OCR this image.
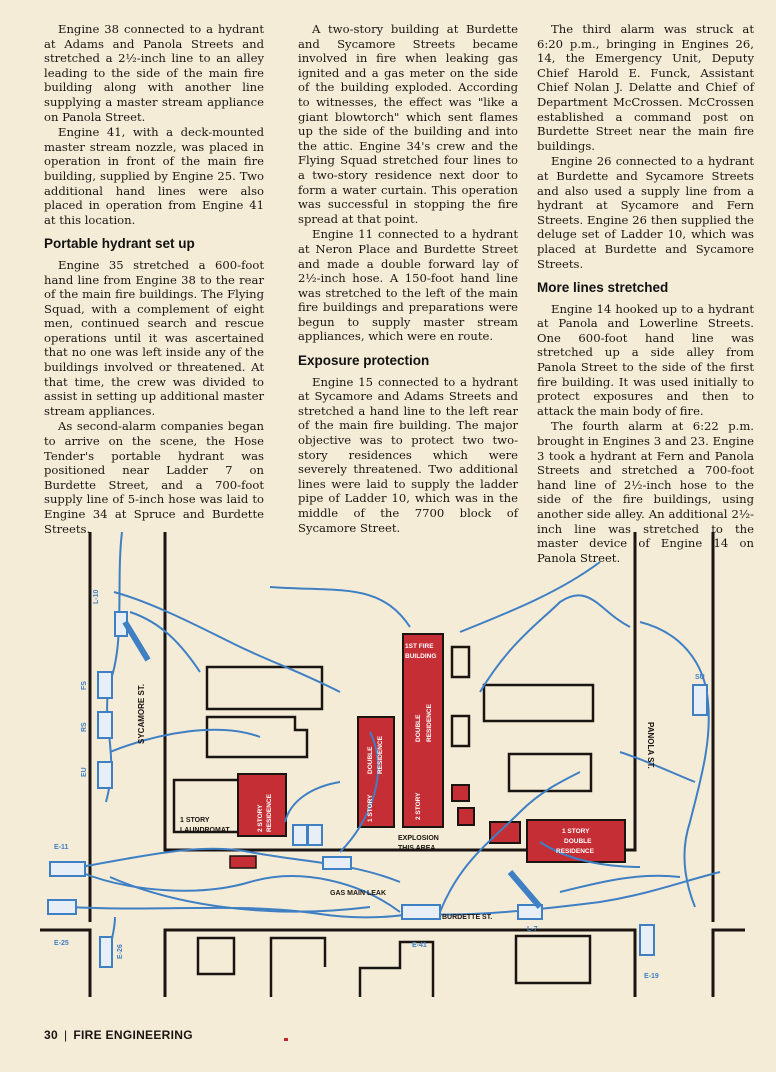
Engine 38 connected to a hydrant at Adams and Panola Streets and stretched a 2½-inch line to an alley leading to the side of the main fire building along with another line supplying a master stream appliance on Panola Street.

Engine 41, with a deck-mounted master stream nozzle, was placed in operation in front of the main fire building, supplied by Engine 25. Two additional hand lines were also placed in operation from Engine 41 at this location.

Portable hydrant set up

Engine 35 stretched a 600-foot hand line from Engine 38 to the rear of the main fire buildings. The Flying Squad, with a complement of eight men, continued search and rescue operations until it was ascertained that no one was left inside any of the buildings involved or threatened. At that time, the crew was divided to assist in setting up additional master stream appliances.

As second-alarm companies began to arrive on the scene, the Hose Tender's portable hydrant was positioned near Ladder 7 on Burdette Street, and a 700-foot supply line of 5-inch hose was laid to Engine 34 at Spruce and Burdette Streets.

A two-story building at Burdette and Sycamore Streets became involved in fire when leaking gas ignited and a gas meter on the side of the building exploded. According to witnesses, the effect was "like a giant blowtorch" which sent flames up the side of the building and into the attic. Engine 34's crew and the Flying Squad stretched four lines to a two-story residence next door to form a water curtain. This operation was successful in stopping the fire spread at that point.

Engine 11 connected to a hydrant at Neron Place and Burdette Street and made a double forward lay of 2½-inch hose. A 150-foot hand line was stretched to the left of the main fire buildings and preparations were begun to supply master stream appliances, which were en route.

Exposure protection

Engine 15 connected to a hydrant at Sycamore and Adams Streets and stretched a hand line to the left rear of the main fire building. The major objective was to protect two two-story residences which were severely threatened. Two additional lines were laid to supply the ladder pipe of Ladder 10, which was in the middle of the 7700 block of Sycamore Street.

The third alarm was struck at 6:20 p.m., bringing in Engines 26, 14, the Emergency Unit, Deputy Chief Harold E. Funck, Assistant Chief Nolan J. Delatte and Chief of Department McCrossen. McCrossen established a command post on Burdette Street near the main fire buildings.

Engine 26 connected to a hydrant at Burdette and Sycamore Streets and also used a supply line from a hydrant at Sycamore and Fern Streets. Engine 26 then supplied the deluge set of Ladder 10, which was placed at Burdette and Sycamore Streets.

More lines stretched

Engine 14 hooked up to a hydrant at Panola and Lowerline Streets. One 600-foot hand line was stretched up a side alley from Panola Street to the side of the first fire building. It was used initially to protect exposures and then to attack the main body of fire.

The fourth alarm at 6:22 p.m. brought in Engines 3 and 23. Engine 3 took a hydrant at Fern and Panola Streets and stretched a 700-foot hand line of 2½-inch hose to the side of the fire buildings, using another side alley. An additional 2½-inch line was stretched to the master device of Engine 14 on Panola Street.

L-10
FS
RS
EU
SYCAMORE ST.
E-11
E-25
E-26	E-41
L-7
E-19
SU
PANOLA ST.
BURDETTE ST.
GAS MAIN LEAK
EXPLOSION
THIS AREA
1 STORY
LAUNDROMAT	2 STORY RESIDENCE	1 STORY
DOUBLE RESIDENCE
2 STORY
DOUBLE RESIDENCE
1ST FIRE
BUILDING
1 STORY
DOUBLE
RESIDENCE
30 | FIRE ENGINEERING
